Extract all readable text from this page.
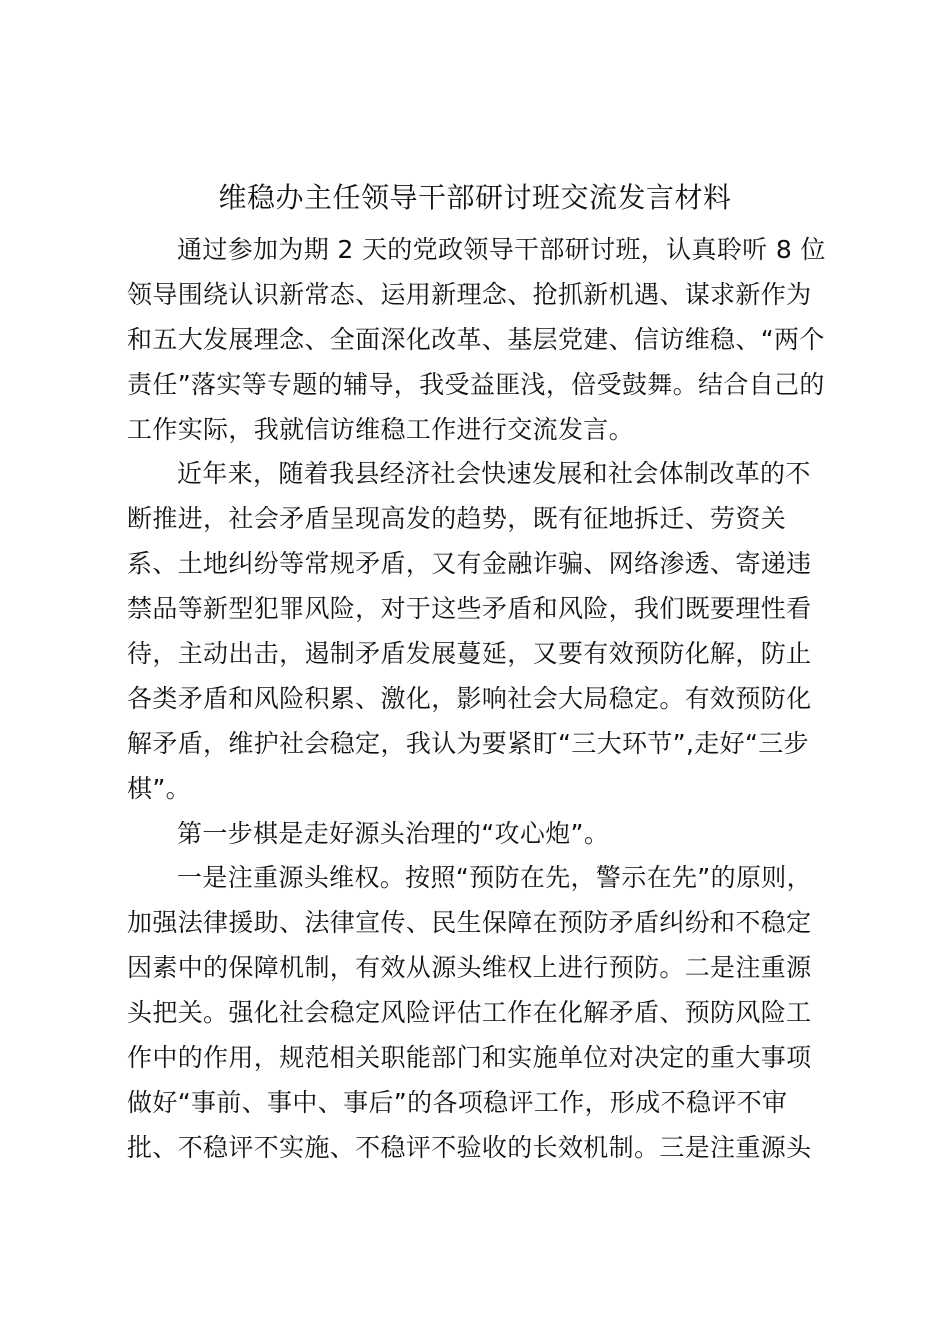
维稳办主任领导干部研讨班交流发言材料
通过参加为期 2 天的党政领导干部研讨班，认真聆听 8 位
领导围绕认识新常态、运用新理念、抢抓新机遇、谋求新作为
和五大发展理念、全面深化改革、基层党建、信访维稳、“两个
责任”落实等专题的辅导，我受益匪浅，倍受鼓舞。结合自己的
工作实际，我就信访维稳工作进行交流发言。
近年来，随着我县经济社会快速发展和社会体制改革的不
断推进，社会矛盾呈现高发的趋势，既有征地拆迁、劳资关
系、土地纠纷等常规矛盾，又有金融诈骗、网络渗透、寄递违
禁品等新型犯罪风险，对于这些矛盾和风险，我们既要理性看
待，主动出击，遏制矛盾发展蔓延，又要有效预防化解，防止
各类矛盾和风险积累、激化，影响社会大局稳定。有效预防化
解矛盾，维护社会稳定，我认为要紧盯“三大环节”,走好“三步
棋”。
第一步棋是走好源头治理的“攻心炮”。
一是注重源头维权。按照“预防在先，警示在先”的原则，
加强法律援助、法律宣传、民生保障在预防矛盾纠纷和不稳定
因素中的保障机制，有效从源头维权上进行预防。二是注重源
头把关。强化社会稳定风险评估工作在化解矛盾、预防风险工
作中的作用，规范相关职能部门和实施单位对决定的重大事项
做好“事前、事中、事后”的各项稳评工作，形成不稳评不审
批、不稳评不实施、不稳评不验收的长效机制。三是注重源头
